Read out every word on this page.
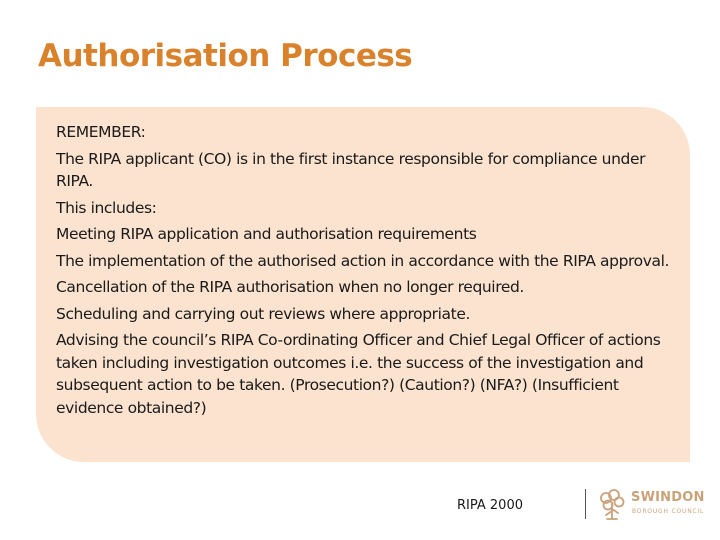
Authorisation Process

REMEMBER:

The RIPA applicant (CO) is in the first instance responsible for compliance under RIPA.

This includes:

Meeting RIPA application and authorisation requirements

The implementation of the authorised action in accordance with the RIPA approval.

Cancellation of the RIPA authorisation when no longer required.

Scheduling and carrying out reviews where appropriate.

Advising the council’s RIPA Co-ordinating Officer and Chief Legal Officer of actions taken including investigation outcomes i.e. the success of the investigation and subsequent action to be taken. (Prosecution?) (Caution?) (NFA?) (Insufficient evidence obtained?)

RIPA 2000
SWINDON
BOROUGH COUNCIL
